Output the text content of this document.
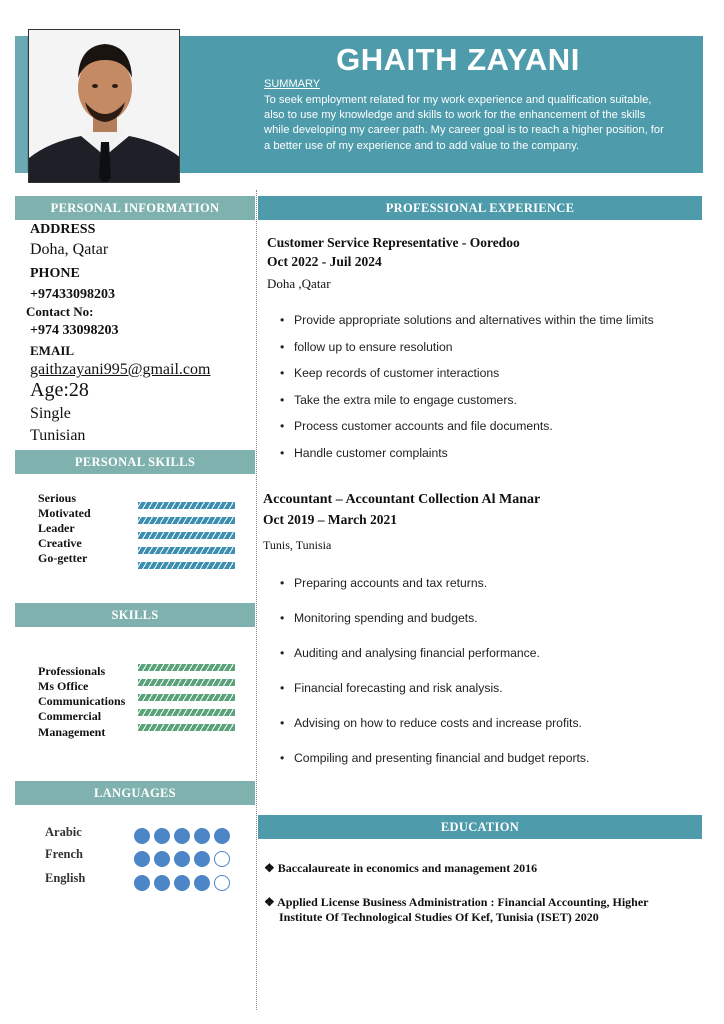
GHAITH ZAYANI
SUMMARY
To seek employment related for my work experience and qualification suitable, also to use my knowledge and skills to work for the enhancement of the skills while developing my career path. My career goal is to reach a higher position, for a better use of my experience and to add value to the company.
PERSONAL INFORMATION
ADDRESS
Doha, Qatar
PHONE
+97433098203
Contact No:
+974 33098203
EMAIL
gaithzayani995@gmail.com
Age:28
Single
Tunisian
PERSONAL SKILLS
Serious
Motivated
Leader
Creative
Go-getter
SKILLS
Professionals
Ms Office
Communications
Commercial
Management
LANGUAGES
Arabic
French
English
PROFESSIONAL EXPERIENCE
Customer Service Representative - Ooredoo
Oct 2022 - Juil 2024
Doha ,Qatar
• Provide appropriate solutions and alternatives within the time limits
• follow up to ensure resolution
• Keep records of customer interactions
• Take the extra mile to engage customers.
• Process customer accounts and file documents.
• Handle customer complaints
Accountant – Accountant Collection Al Manar
Oct 2019 – March 2021
Tunis, Tunisia
• Preparing accounts and tax returns.
• Monitoring spending and budgets.
• Auditing and analysing financial performance.
• Financial forecasting and risk analysis.
• Advising on how to reduce costs and increase profits.
• Compiling and presenting financial and budget reports.
EDUCATION
❖ Baccalaureate in economics and management 2016
❖ Applied License Business Administration : Financial Accounting, Higher Institute Of Technological Studies Of Kef, Tunisia (ISET) 2020
